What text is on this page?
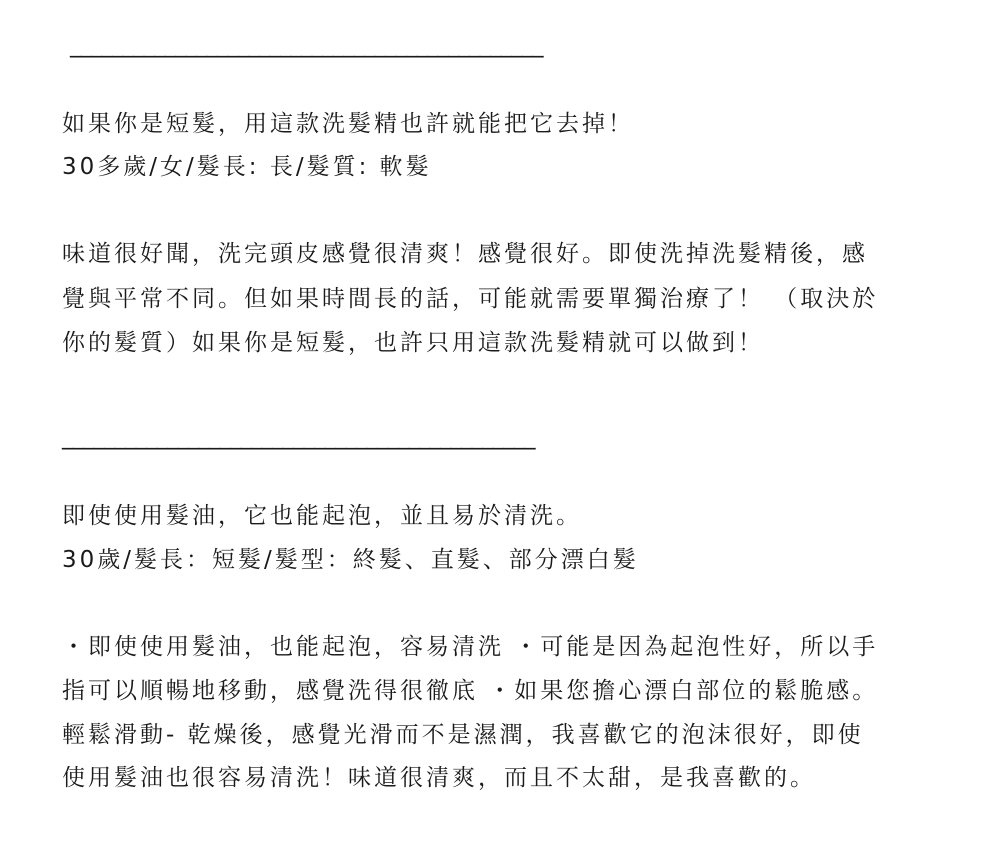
_____________________________________________
如果你是短髮，用這款洗髮精也許就能把它去掉！
30多歲/女/髮長: 長/髮質: 軟髮
味道很好聞，洗完頭皮感覺很清爽！感覺很好。即使洗掉洗髮精後，感
覺與平常不同。但如果時間長的話，可能就需要單獨治療了！ （取決於
你的髮質）如果你是短髮，也許只用這款洗髮精就可以做到！
_____________________________________________
即使使用髮油，它也能起泡，並且易於清洗。
30歲/髮長：短髮/髮型：終髮、直髮、部分漂白髮
・即使使用髮油，也能起泡，容易清洗 ・可能是因為起泡性好，所以手
指可以順暢地移動，感覺洗得很徹底 ・如果您擔心漂白部位的鬆脆感。
輕鬆滑動- 乾燥後，感覺光滑而不是濕潤，我喜歡它的泡沫很好，即使
使用髮油也很容易清洗！味道很清爽，而且不太甜，是我喜歡的。
